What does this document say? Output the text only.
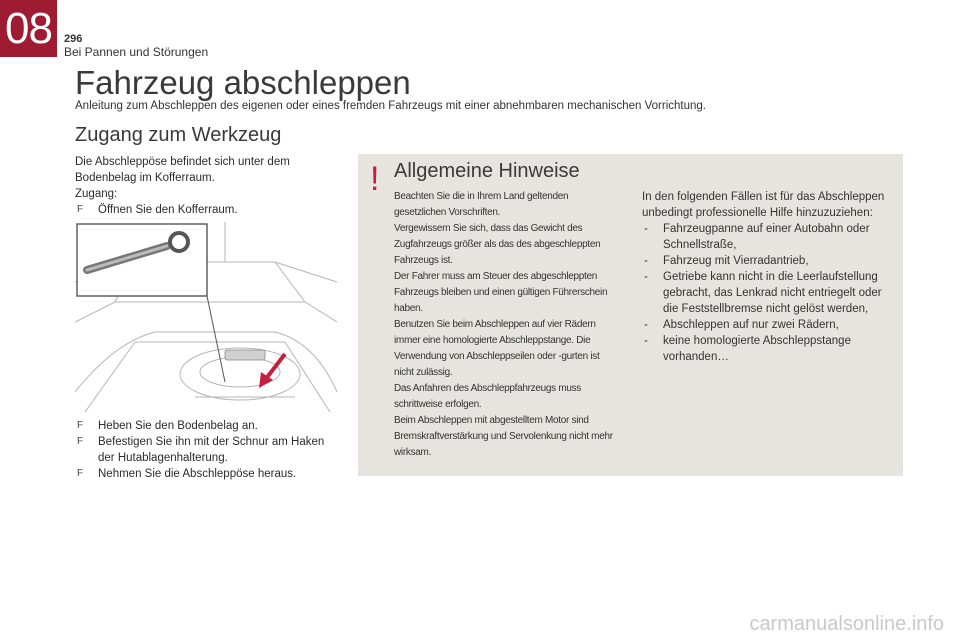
08	296
Bei Pannen und Störungen
Fahrzeug abschleppen

Anleitung zum Abschleppen des eigenen oder eines fremden Fahrzeugs mit einer abnehmbaren mechanischen Vorrichtung.

Zugang zum Werkzeug
Die Abschleppöse befindet sich unter dem Bodenbelag im Kofferraum.
Zugang:
F Öffnen Sie den Kofferraum.
F Heben Sie den Bodenbelag an.
F Befestigen Sie ihn mit der Schnur am Haken der Hutablagenhalterung.
F Nehmen Sie die Abschleppöse heraus.
! Allgemeine Hinweise
Beachten Sie die in Ihrem Land geltenden gesetzlichen Vorschriften.
Vergewissern Sie sich, dass das Gewicht des Zugfahrzeugs größer als das des abgeschleppten Fahrzeugs ist.
Der Fahrer muss am Steuer des abgeschleppten Fahrzeugs bleiben und einen gültigen Führerschein haben.
Benutzen Sie beim Abschleppen auf vier Rädern immer eine homologierte Abschleppstange. Die Verwendung von Abschleppseilen oder -gurten ist nicht zulässig.
Das Anfahren des Abschleppfahrzeugs muss schrittweise erfolgen.
Beim Abschleppen mit abgestelltem Motor sind Bremskraftverstärkung und Servolenkung nicht mehr wirksam.

In den folgenden Fällen ist für das Abschleppen unbedingt professionelle Hilfe hinzuzuziehen:

- Fahrzeugpanne auf einer Autobahn oder Schnellstraße,
- Fahrzeug mit Vierradantrieb,
- Getriebe kann nicht in die Leerlaufstellung gebracht, das Lenkrad nicht entriegelt oder die Feststellbremse nicht gelöst werden,
- Abschleppen auf nur zwei Rädern,
- keine homologierte Abschleppstange vorhanden…
carmanualsonline.info
